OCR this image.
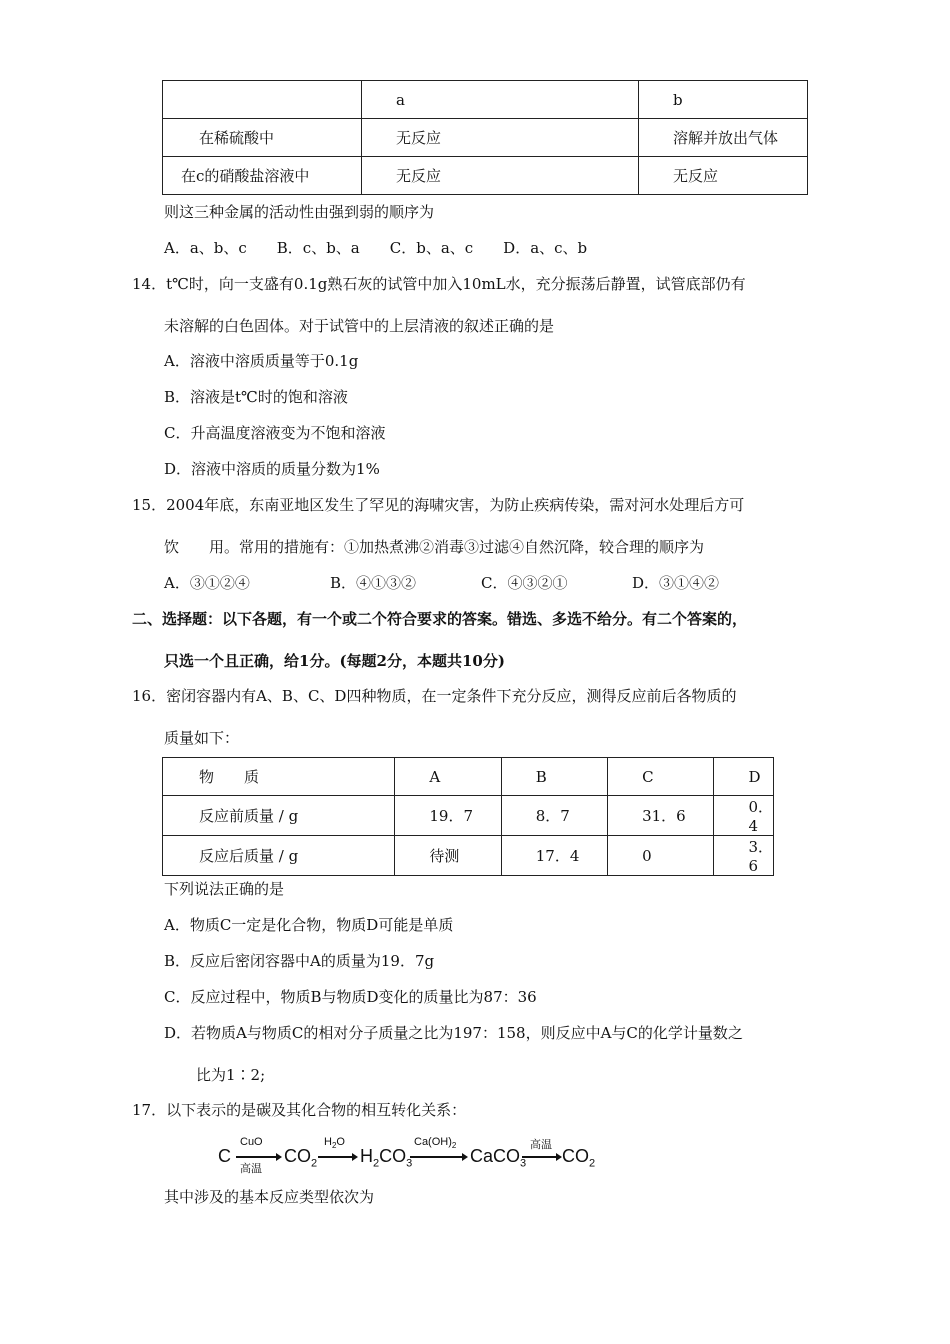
	a	b
在稀硫酸中	无反应	溶解并放出气体
在c的硝酸盐溶液中	无反应	无反应
则这三种金属的活动性由强到弱的顺序为
A．a、b、c　　B．c、b、a　　C．b、a、c　　D．a、c、b
14．t℃时，向一支盛有0.1g熟石灰的试管中加入10mL水，充分振荡后静置，试管底部仍有
未溶解的白色固体。对于试管中的上层清液的叙述正确的是
A．溶液中溶质质量等于0.1g
B．溶液是t℃时的饱和溶液
C．升高温度溶液变为不饱和溶液
D．溶液中溶质的质量分数为1%
15．2004年底，东南亚地区发生了罕见的海啸灾害，为防止疾病传染，需对河水处理后方可
饮　　用。常用的措施有：①加热煮沸②消毒③过滤④自然沉降，较合理的顺序为
A．③①②④	B．④①③②	C．④③②①	D．③①④②
二、选择题：以下各题，有一个或二个符合要求的答案。错选、多选不给分。有二个答案的，
只选一个且正确，给1分。(每题2分，本题共10分)
16．密闭容器内有A、B、C、D四种物质，在一定条件下充分反应，测得反应前后各物质的
质量如下：
物　　质	A	B	C	D
反应前质量 / g	19．7	8．7	31．6	0．4
反应后质量 / g	待测	17．4	0	3．6
下列说法正确的是
A．物质C一定是化合物，物质D可能是单质
B．反应后密闭容器中A的质量为19．7g
C．反应过程中，物质B与物质D变化的质量比为87：36
D．若物质A与物质C的相对分子质量之比为197：158，则反应中A与C的化学计量数之
比为1∶2;
17．以下表示的是碳及其化合物的相互转化关系：
C
CuO
高温
$CO_2$
$H_2O$
$H_2CO_3$
$Ca(OH)_2$
CaCO$_3$
高温
$CO_2$
其中涉及的基本反应类型依次为
